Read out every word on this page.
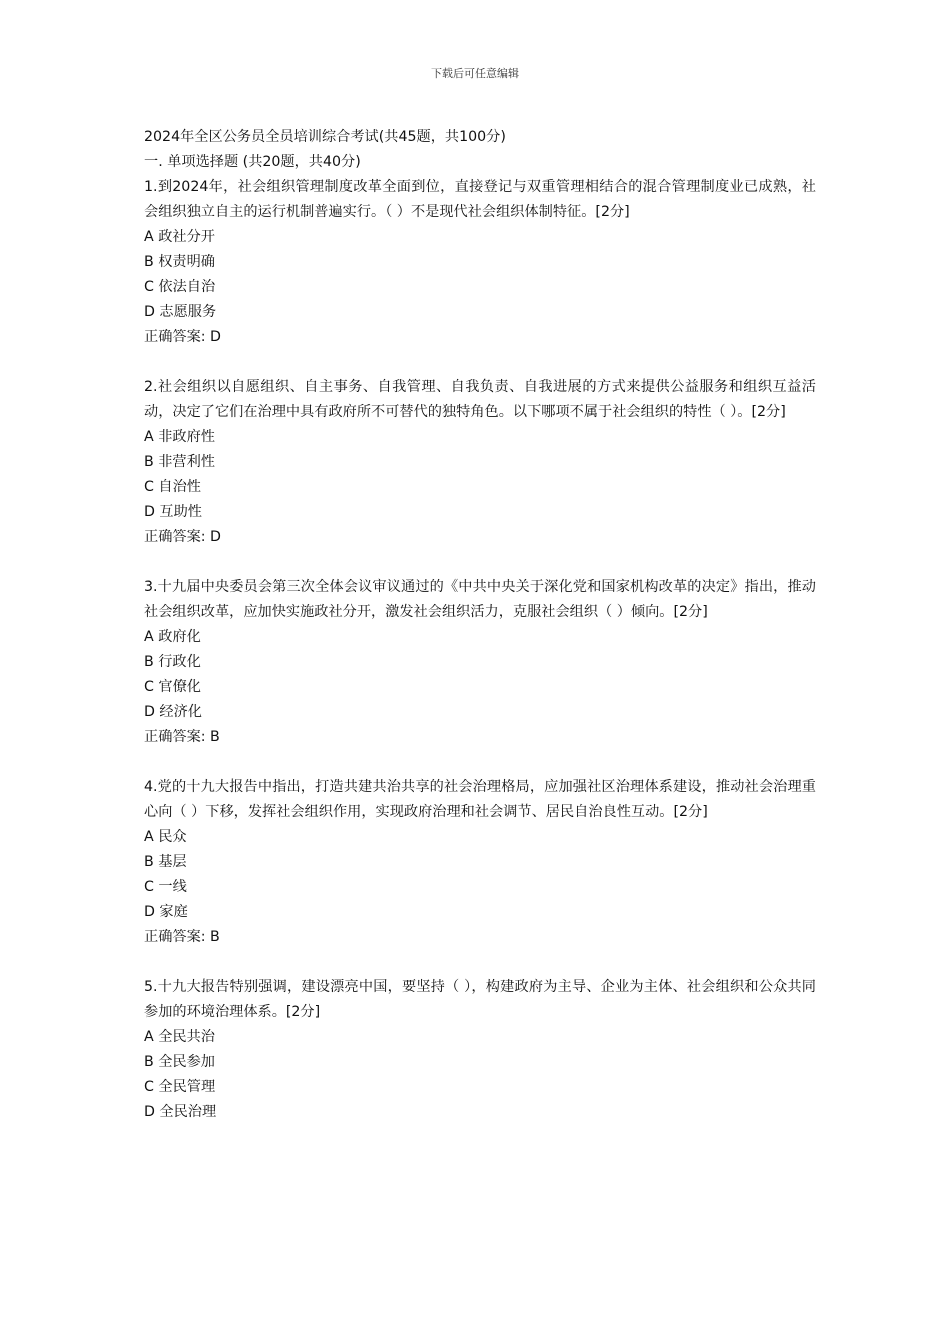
下载后可任意编辑
2024年全区公务员全员培训综合考试(共45题，共100分)
一. 单项选择题 (共20题，共40分)
1.到2024年，社会组织管理制度改革全面到位，直接登记与双重管理相结合的混合管理制度业已成熟，社会组织独立自主的运行机制普遍实行。（ ）不是现代社会组织体制特征。[2分]
A 政社分开
B 权责明确
C 依法自治
D 志愿服务
正确答案: D
2.社会组织以自愿组织、自主事务、自我管理、自我负责、自我进展的方式来提供公益服务和组织互益活动，决定了它们在治理中具有政府所不可替代的独特角色。以下哪项不属于社会组织的特性（ ）。[2分]
A 非政府性
B 非营利性
C 自治性
D 互助性
正确答案: D
3.十九届中央委员会第三次全体会议审议通过的《中共中央关于深化党和国家机构改革的决定》指出，推动社会组织改革，应加快实施政社分开，激发社会组织活力，克服社会组织（ ）倾向。[2分]
A 政府化
B 行政化
C 官僚化
D 经济化
正确答案: B
4.党的十九大报告中指出，打造共建共治共享的社会治理格局，应加强社区治理体系建设，推动社会治理重心向（ ）下移，发挥社会组织作用，实现政府治理和社会调节、居民自治良性互动。[2分]
A 民众
B 基层
C 一线
D 家庭
正确答案: B
5.十九大报告特别强调，建设漂亮中国，要坚持（ ），构建政府为主导、企业为主体、社会组织和公众共同参加的环境治理体系。[2分]
A 全民共治
B 全民参加
C 全民管理
D 全民治理
